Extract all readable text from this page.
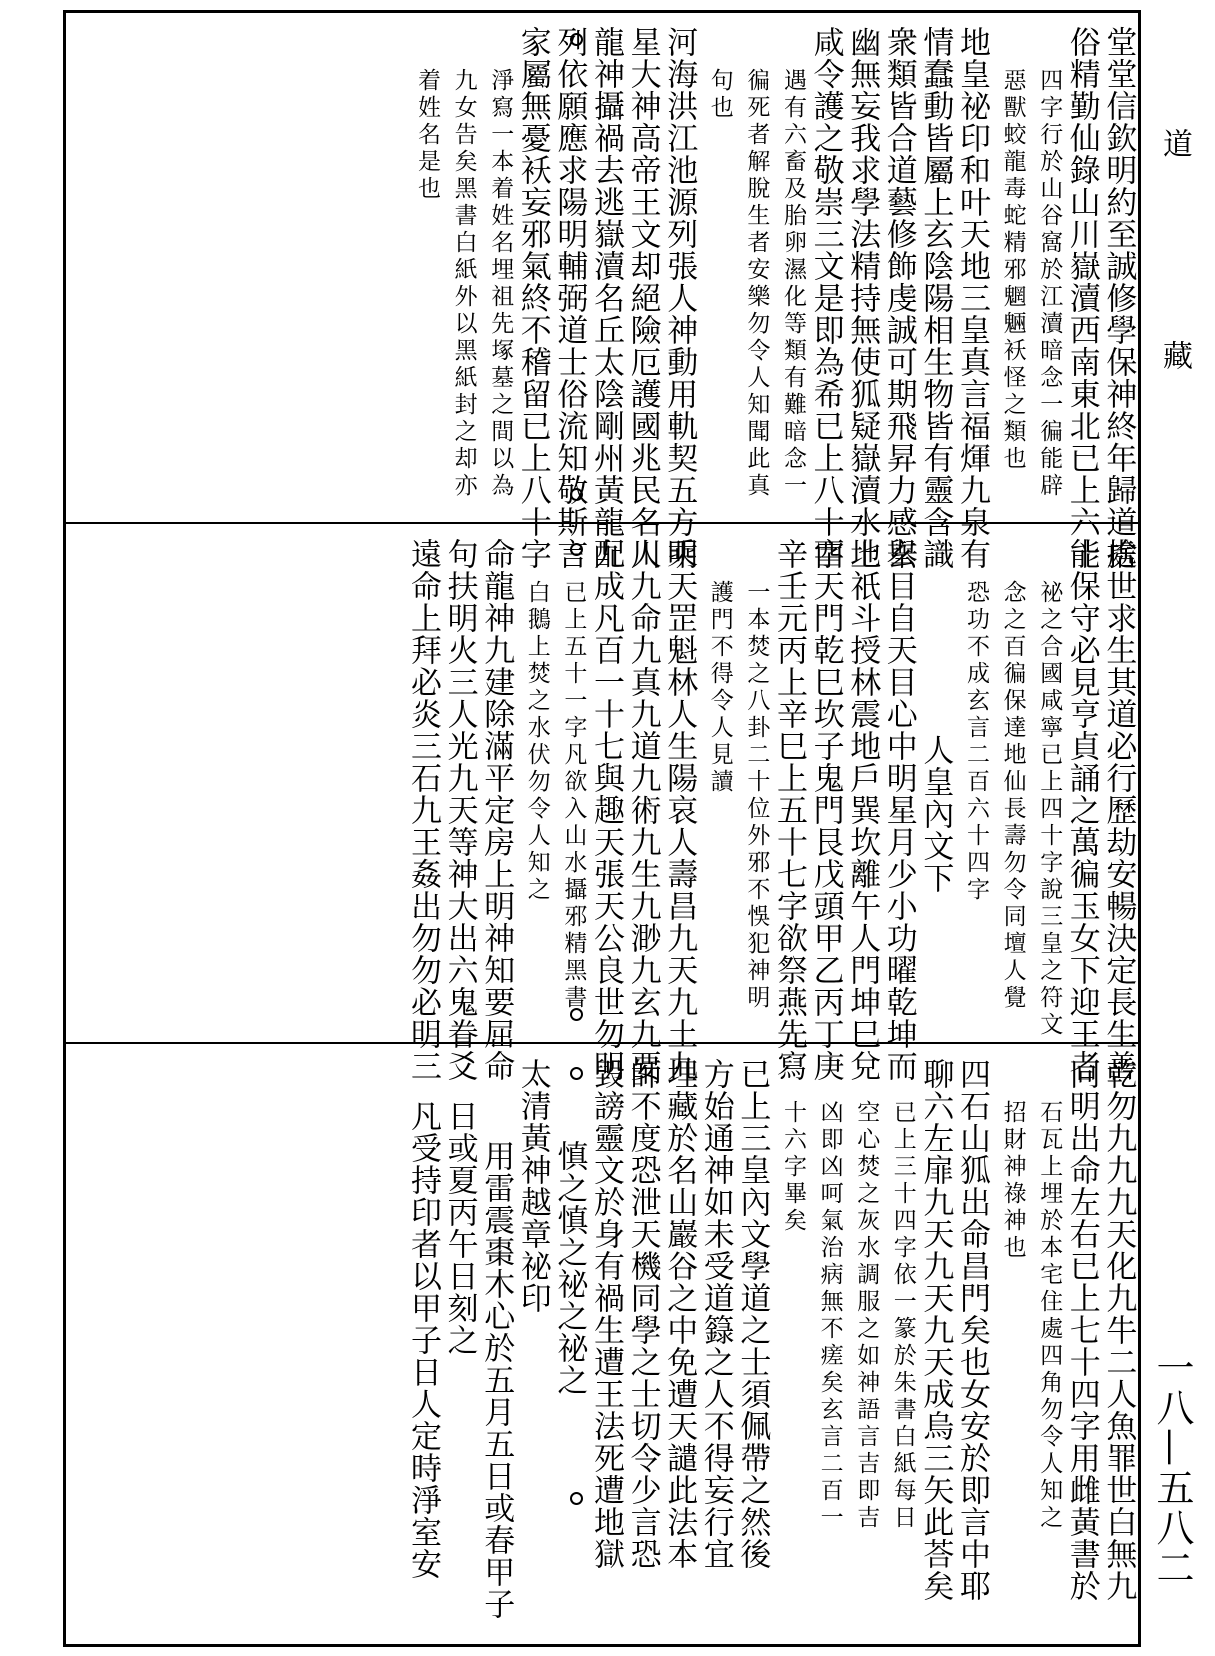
堂堂信欽明約至誠修學保神終年歸道捨
俗精勤仙錄山川嶽瀆西南東北已上六十
四字行於山谷窩於江瀆暗念一徧能辟
惡獸蛟龍毒蛇精邪魍魎袄怪之類也
地皇祕印和叶天地三皇真言福煇九泉有
情蠢動皆屬上玄陰陽相生物皆有靈含識
衆類皆合道藝修飾虔誠可期飛昇力感玄
幽無妄我求學法精持無使狐疑嶽瀆水上
咸令護之敬崇三文是即為希已上八十字
遇有六畜及胎卵濕化等類有難暗念一
徧死者解脫生者安樂勿令人知聞此真
句也
河海洪江池源列張人神動用軌契五方明
星大神高帝王文却絕險厄護國兆民名川
龍神攝禍去逃嶽瀆名丘太陰剛州黃龍配
列依願應求陽明輔弼道士俗流知敬斯言
家屬無憂袄妄邪氣終不稽留已上八十字
淨寫一本着姓名埋祖先塚墓之間以為
九女告矣黑書白紙外以黑紙封之却亦
着姓名是也
處世求生其道必行歷劫安暢決定長生善
能保守必見亨貞誦之萬徧玉女下迎王者
祕之合國咸寧已上四十字說三皇之符文
念之百徧保達地仙長壽勿令同壇人覺
恐功不成玄言二百六十四字
人皇內文下
舉目自天目心中明星月少小功曜乾坤而
地祇斗授林震地戶巽坎離午人門坤巳兌
酉天門乾巳坎子鬼門艮戊頭甲乙丙丁庚
辛壬元丙上辛巳上五十七字欲祭燕先寫
一本焚之八卦二十位外邪不悞犯神明
護門不得令人見讀
乘天罡魁林人生陽哀人壽昌九天九土九
人九命九真九道九術九生九渺九玄九要
九成凡百一十七與趣天張天公良世勿明
已上五十一字凡欲入山水攝邪精黑書
白鵝上焚之水伏勿令人知之
命龍神九建除滿平定房上明神知要屈命
句扶明火三人光九天等神大出六鬼眷爻
遠命上拜必炎三石九王姦出勿勿必明三
乾勿九九九天化九牛二人魚罪世白無九
同明出命左右已上七十四字用雌黃書於
石瓦上埋於本宅住處四角勿令人知之
招財神祿神也
四石山狐出命昌門矣也女安於即言中耶
聊六左扉九天九天九天成烏三矢此荅矣
已上三十四字依一篆於朱書白紙每日
空心焚之灰水調服之如神語言吉即吉
凶即凶呵氣治病無不瘥矣玄言二百一
十六字畢矣
已上三皇內文學道之士須佩帶之然後
方始通神如未受道籙之人不得妄行宜
埋藏於名山巖谷之中免遭天譴此法本
師不度恐泄天機同學之士切令少言恐
毀謗靈文於身有禍生遭王法死遭地獄
慎之慎之祕之祕之
太清黃神越章祕印
用雷震棗木心於五月五日或春甲子
日或夏丙午日刻之
凡受持印者以甲子日人定時淨室安
道
藏
一八—五八二
